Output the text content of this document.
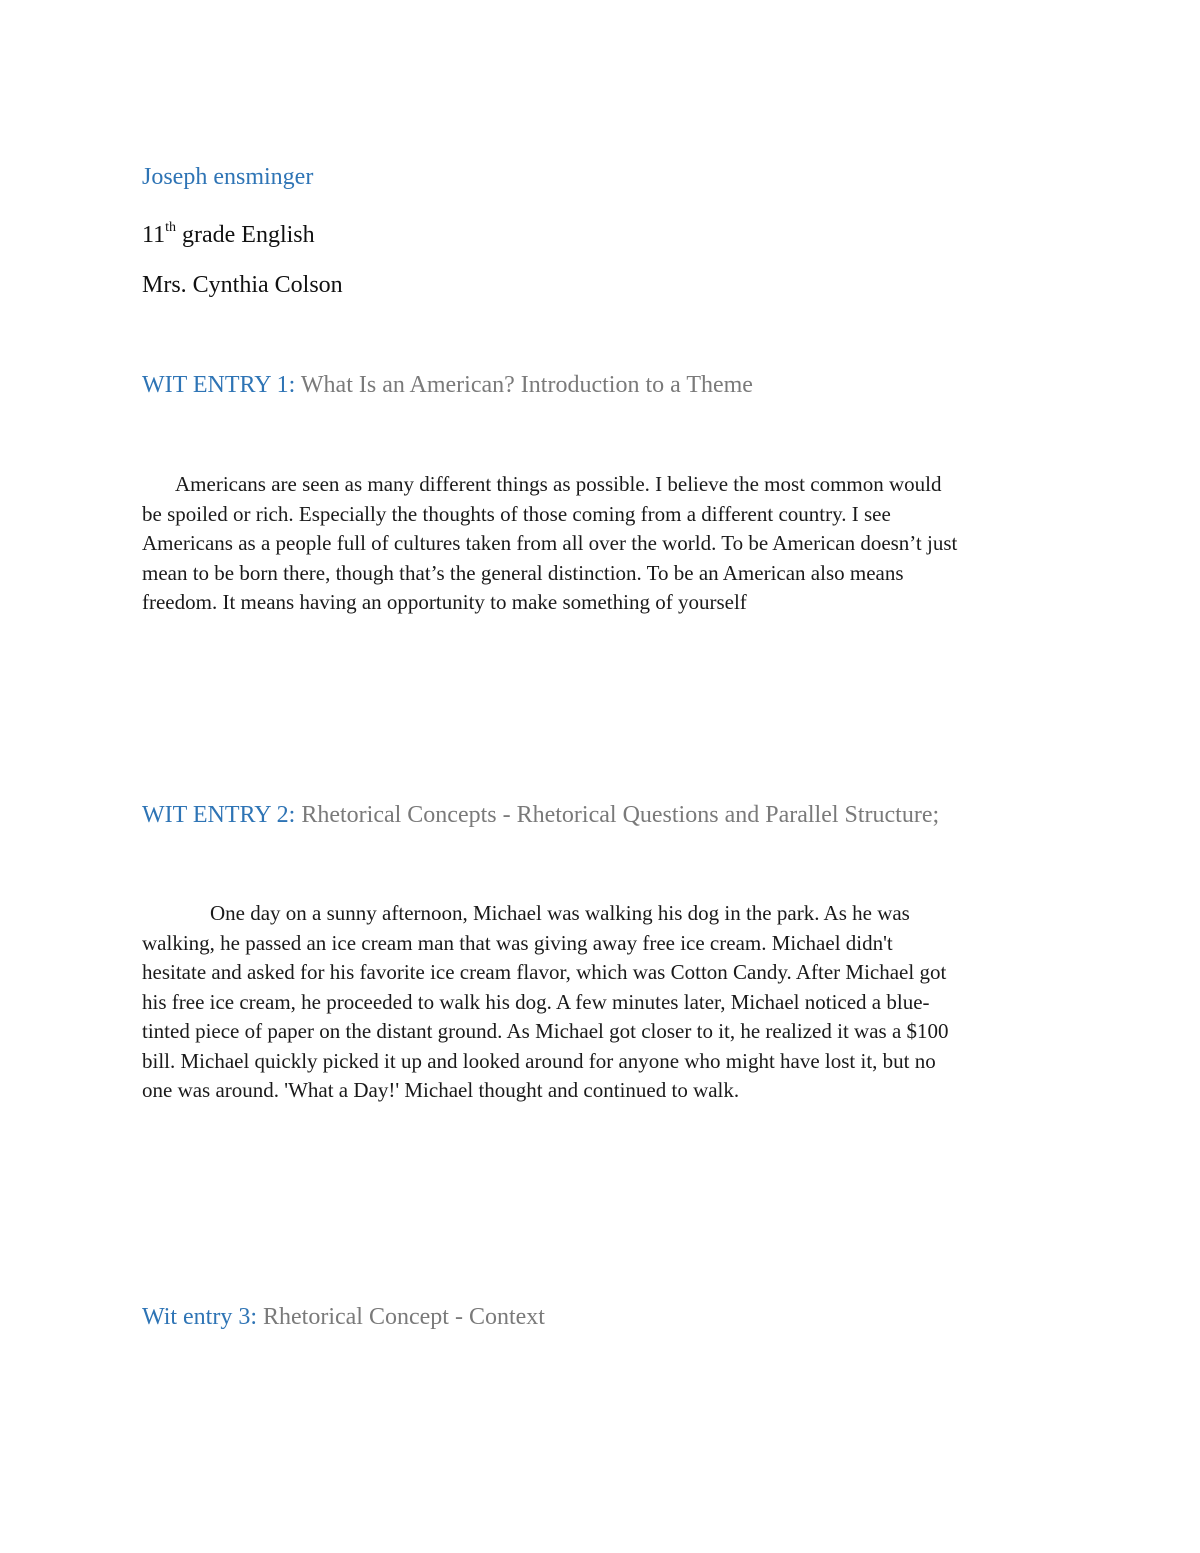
Joseph ensminger
11th grade English
Mrs. Cynthia Colson
WIT ENTRY 1: What Is an American? Introduction to a Theme
Americans are seen as many different things as possible. I believe the most common would
be spoiled or rich. Especially the thoughts of those coming from a different country. I see
Americans as a people full of cultures taken from all over the world. To be American doesn’t just
mean to be born there, though that’s the general distinction. To be an American also means
freedom. It means having an opportunity to make something of yourself
WIT ENTRY 2: Rhetorical Concepts - Rhetorical Questions and Parallel Structure;
One day on a sunny afternoon, Michael was walking his dog in the park. As he was
walking, he passed an ice cream man that was giving away free ice cream. Michael didn't
hesitate and asked for his favorite ice cream flavor, which was Cotton Candy. After Michael got
his free ice cream, he proceeded to walk his dog. A few minutes later, Michael noticed a blue-
tinted piece of paper on the distant ground. As Michael got closer to it, he realized it was a $100
bill. Michael quickly picked it up and looked around for anyone who might have lost it, but no
one was around. 'What a Day!' Michael thought and continued to walk.
Wit entry 3: Rhetorical Concept - Context
